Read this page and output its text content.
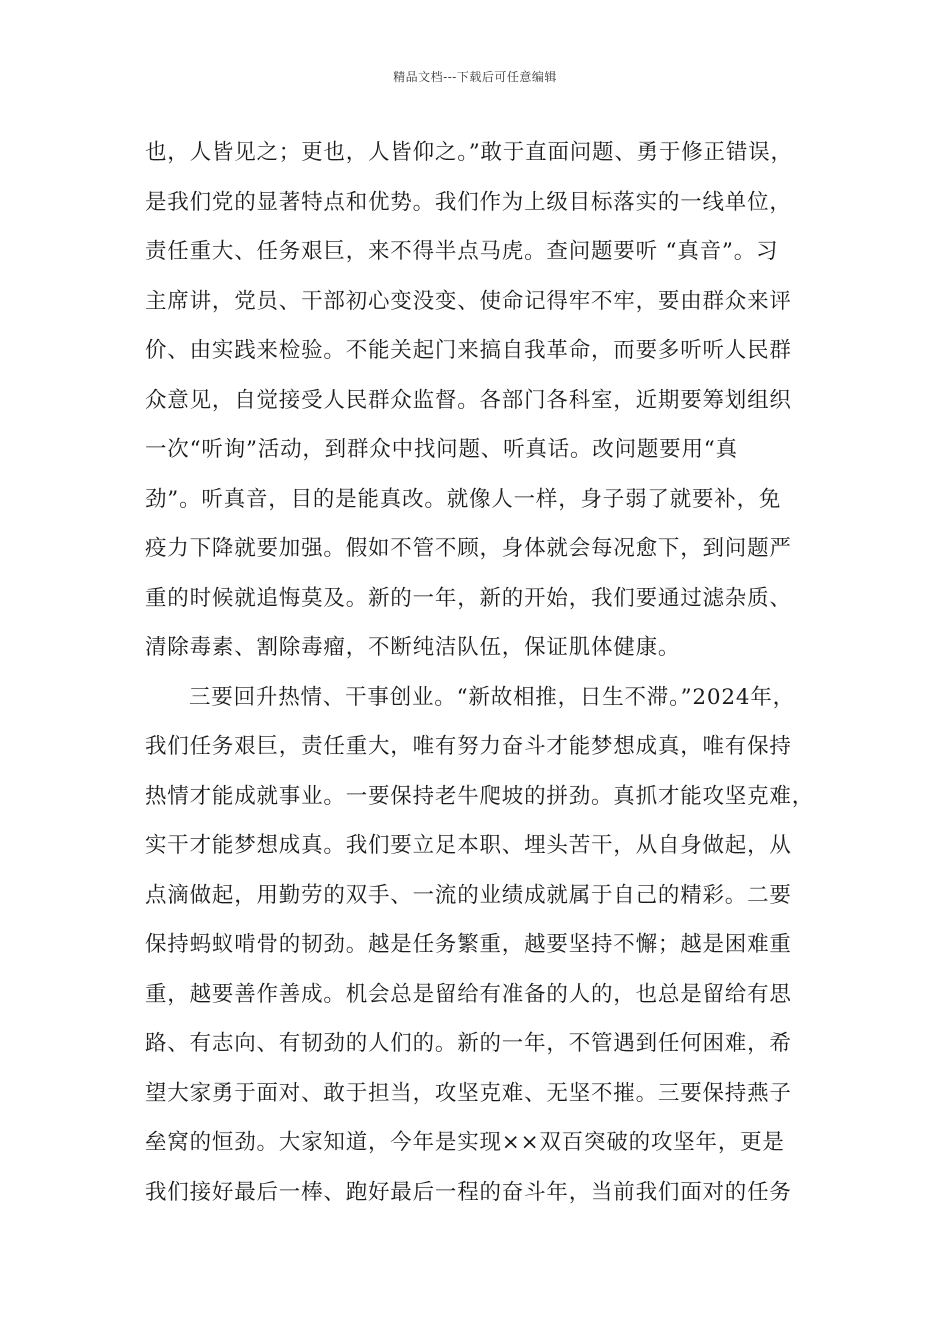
精品文档---下载后可任意编辑
也，人皆见之；更也，人皆仰之。”敢于直面问题、勇于修正错误，
是我们党的显著特点和优势。我们作为上级目标落实的一线单位，
责任重大、任务艰巨，来不得半点马虎。查问题要听 “真音”。习
主席讲，党员、干部初心变没变、使命记得牢不牢，要由群众来评
价、由实践来检验。不能关起门来搞自我革命，而要多听听人民群
众意见，自觉接受人民群众监督。各部门各科室，近期要筹划组织
一次“听询”活动，到群众中找问题、听真话。改问题要用“真
劲”。听真音，目的是能真改。就像人一样，身子弱了就要补，免
疫力下降就要加强。假如不管不顾，身体就会每况愈下，到问题严
重的时候就追悔莫及。新的一年，新的开始，我们要通过滤杂质、
清除毒素、割除毒瘤，不断纯洁队伍，保证肌体健康。
三要回升热情、干事创业。“新故相推，日生不滞。”2024年，
我们任务艰巨，责任重大，唯有努力奋斗才能梦想成真，唯有保持
热情才能成就事业。一要保持老牛爬坡的拼劲。真抓才能攻坚克难，
实干才能梦想成真。我们要立足本职、埋头苦干，从自身做起，从
点滴做起，用勤劳的双手、一流的业绩成就属于自己的精彩。二要
保持蚂蚁啃骨的韧劲。越是任务繁重，越要坚持不懈；越是困难重
重，越要善作善成。机会总是留给有准备的人的，也总是留给有思
路、有志向、有韧劲的人们的。新的一年，不管遇到任何困难，希
望大家勇于面对、敢于担当，攻坚克难、无坚不摧。三要保持燕子
垒窝的恒劲。大家知道，今年是实现××双百突破的攻坚年，更是
我们接好最后一棒、跑好最后一程的奋斗年，当前我们面对的任务
